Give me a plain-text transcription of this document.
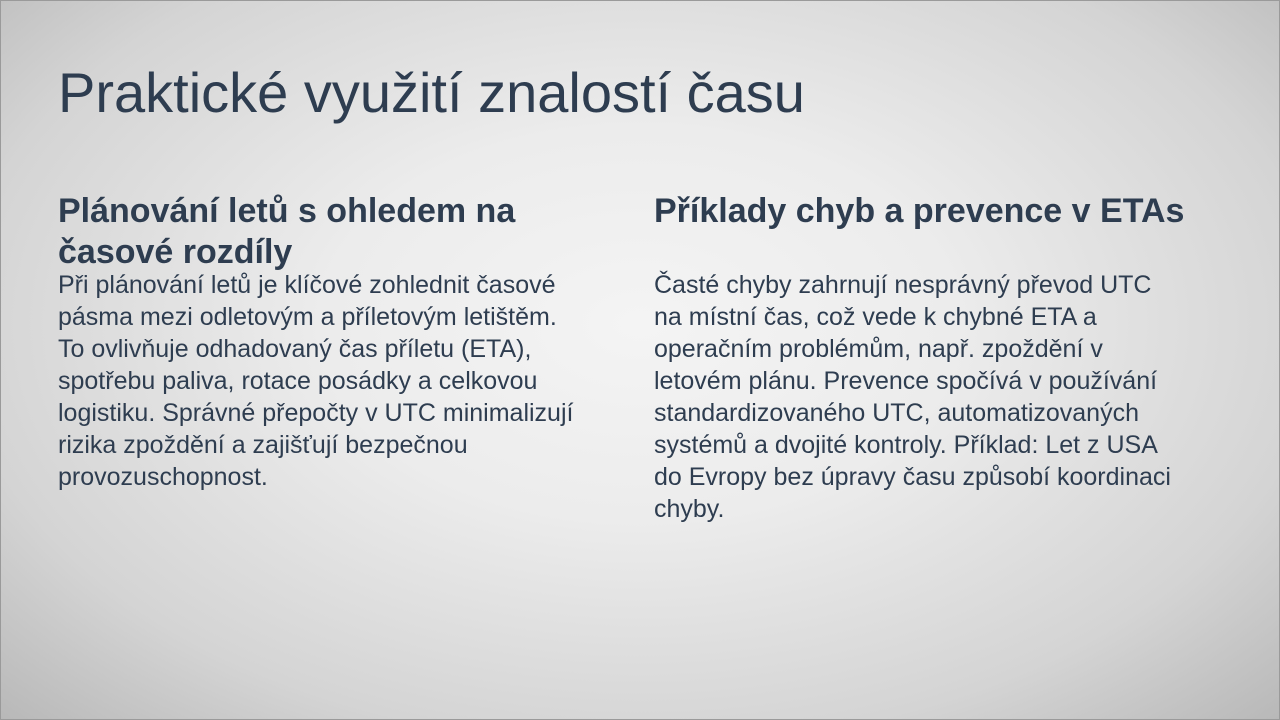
Praktické využití znalostí času
Plánování letů s ohledem na časové rozdíly

Při plánování letů je klíčové zohlednit časové pásma mezi odletovým a příletovým letištěm. To ovlivňuje odhadovaný čas příletu (ETA), spotřebu paliva, rotace posádky a celkovou logistiku. Správné přepočty v UTC minimalizují rizika zpoždění a zajišťují bezpečnou provozuschopnost.

Příklady chyb a prevence v ETAs

Časté chyby zahrnují nesprávný převod UTC na místní čas, což vede k chybné ETA a operačním problémům, např. zpoždění v letovém plánu. Prevence spočívá v používání standardizovaného UTC, automatizovaných systémů a dvojité kontroly. Příklad: Let z USA do Evropy bez úpravy času způsobí koordinaci chyby.
